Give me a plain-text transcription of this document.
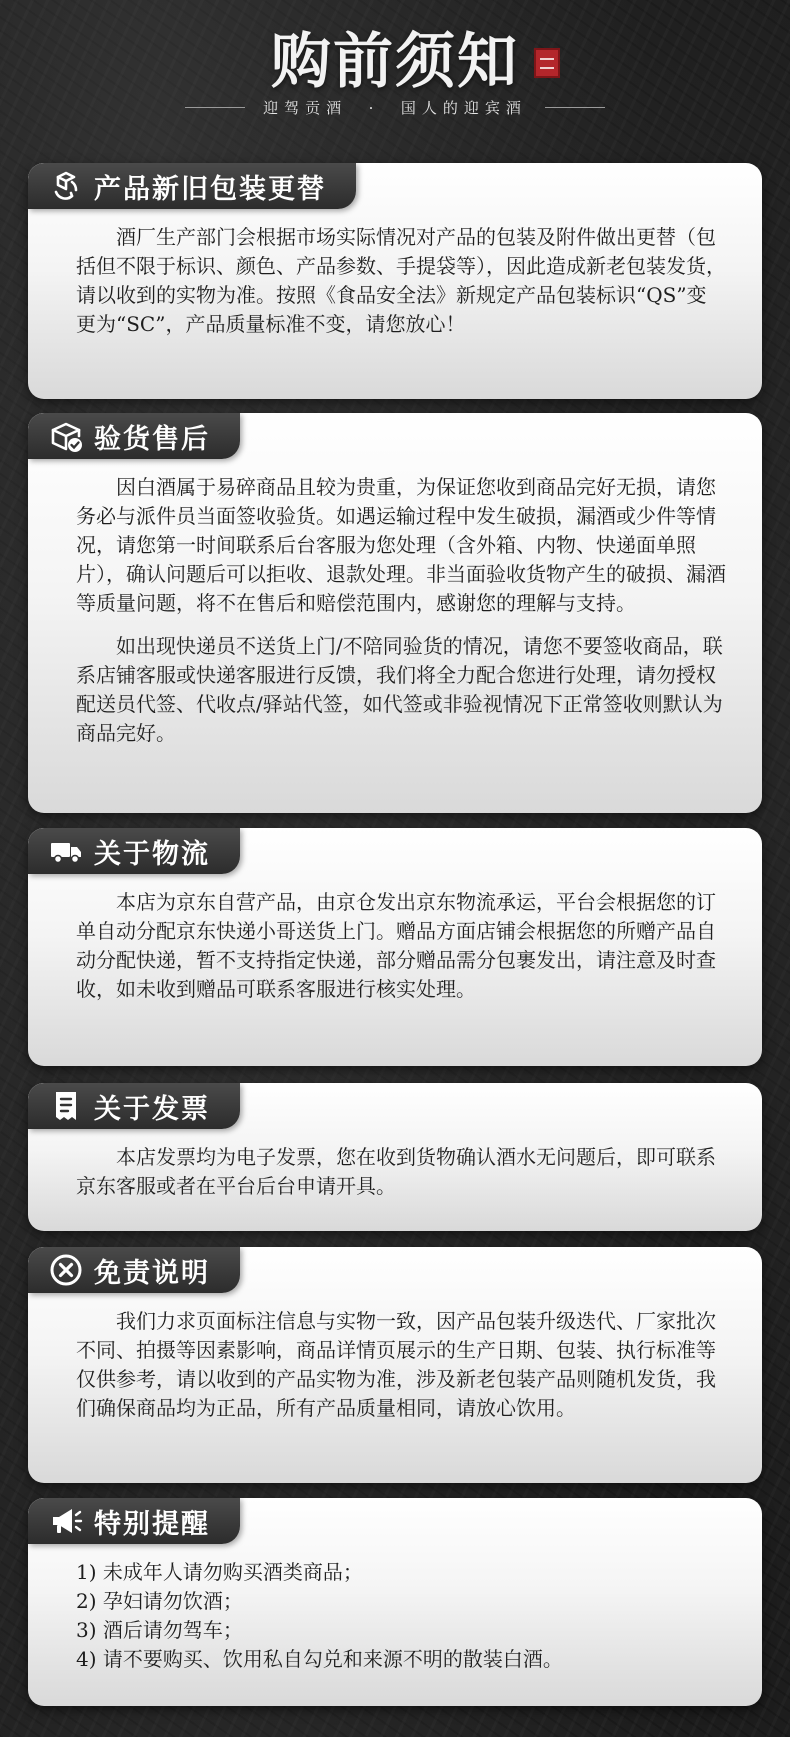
购前须知
迎驾贡酒  ·  国人的迎宾酒
产品新旧包装更替

酒厂生产部门会根据市场实际情况对产品的包装及附件做出更替（包括但不限于标识、颜色、产品参数、手提袋等），因此造成新老包装发货，请以收到的实物为准。按照《食品安全法》新规定产品包装标识“QS”变更为“SC”，产品质量标准不变，请您放心！

验货售后

因白酒属于易碎商品且较为贵重，为保证您收到商品完好无损，请您务必与派件员当面签收验货。如遇运输过程中发生破损，漏酒或少件等情况，请您第一时间联系后台客服为您处理（含外箱、内物、快递面单照片），确认问题后可以拒收、退款处理。非当面验收货物产生的破损、漏酒等质量问题，将不在售后和赔偿范围内，感谢您的理解与支持。

如出现快递员不送货上门/不陪同验货的情况，请您不要签收商品，联系店铺客服或快递客服进行反馈，我们将全力配合您进行处理，请勿授权配送员代签、代收点/驿站代签，如代签或非验视情况下正常签收则默认为商品完好。

关于物流

本店为京东自营产品，由京仓发出京东物流承运，平台会根据您的订单自动分配京东快递小哥送货上门。赠品方面店铺会根据您的所赠产品自动分配快递，暂不支持指定快递，部分赠品需分包裹发出，请注意及时查收，如未收到赠品可联系客服进行核实处理。

关于发票

本店发票均为电子发票，您在收到货物确认酒水无问题后，即可联系京东客服或者在平台后台申请开具。

免责说明

我们力求页面标注信息与实物一致，因产品包装升级迭代、厂家批次不同、拍摄等因素影响，商品详情页展示的生产日期、包装、执行标准等仅供参考，请以收到的产品实物为准，涉及新老包装产品则随机发货，我们确保商品均为正品，所有产品质量相同，请放心饮用。

特别提醒
1) 未成年人请勿购买酒类商品；
2) 孕妇请勿饮酒；
3) 酒后请勿驾车；
4) 请不要购买、饮用私自勾兑和来源不明的散装白酒。
